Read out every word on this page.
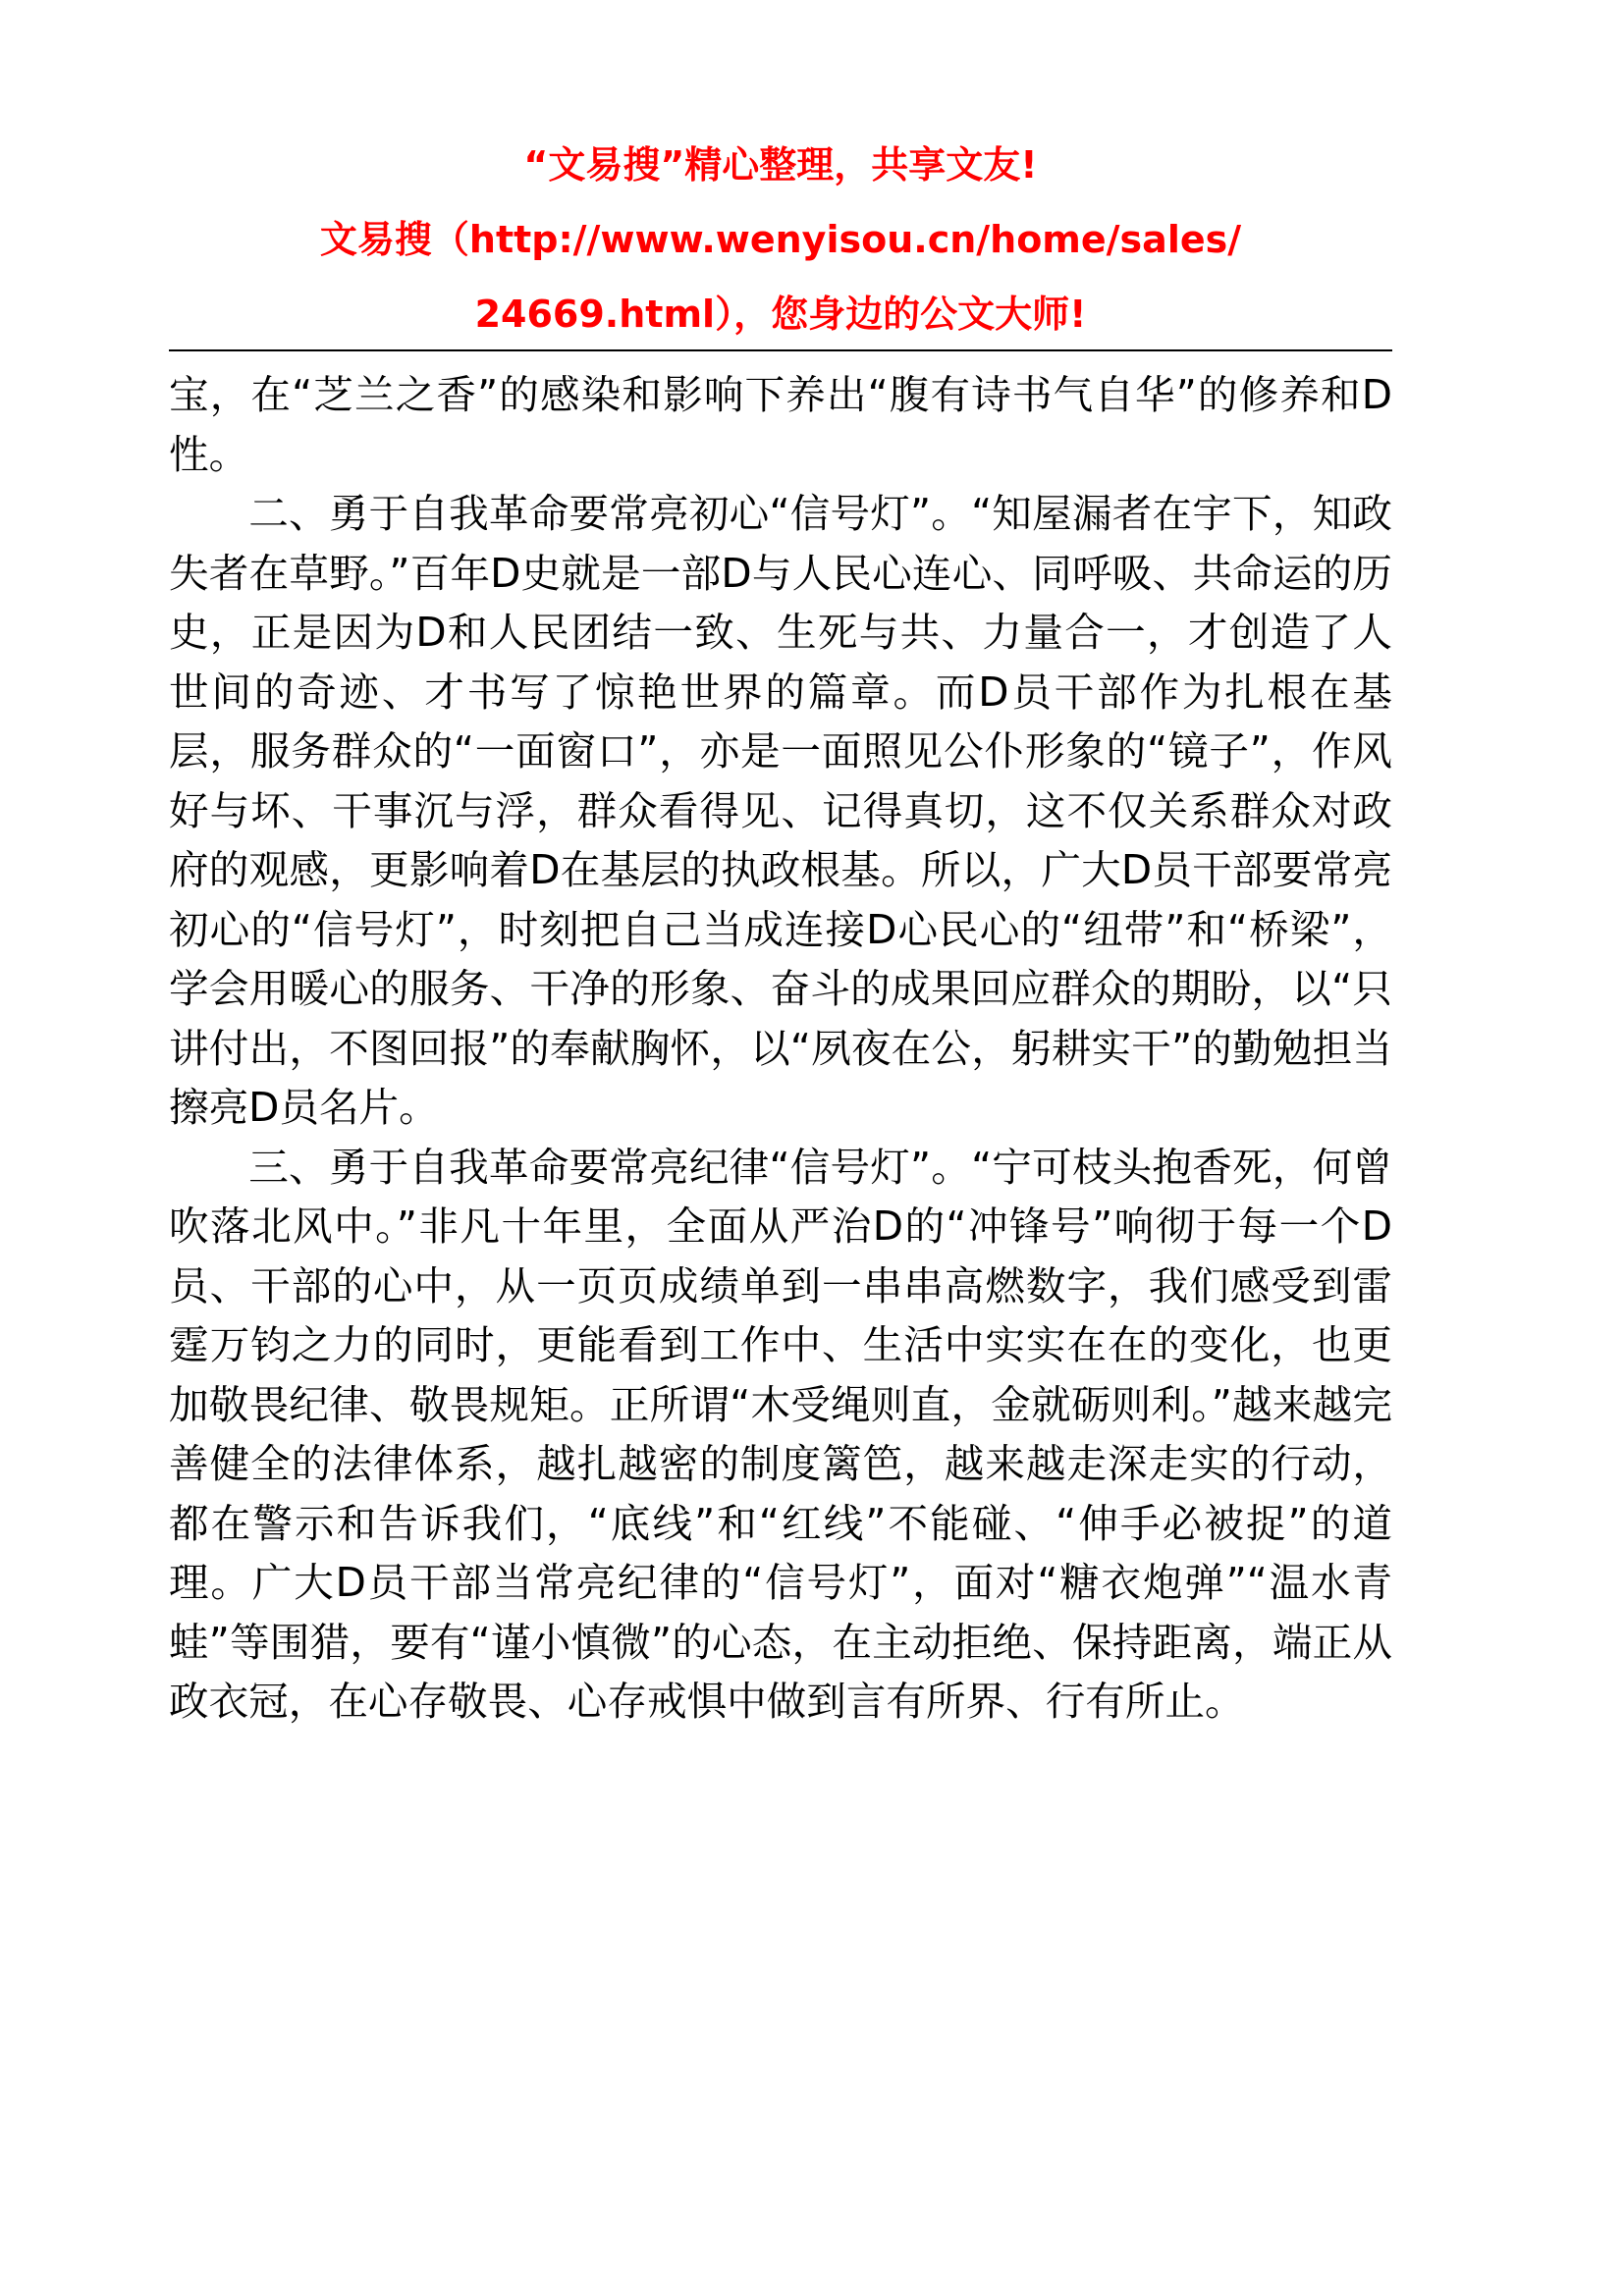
“文易搜”精心整理，共享文友!
文易搜（http://www.wenyisou.cn/home/sales/
24669.html），您身边的公文大师!

宝，在“芝兰之香”的感染和影响下养出“腹有诗书气自华”的修养和D性。

二、勇于自我革命要常亮初心“信号灯”。“知屋漏者在宇下，知政失者在草野。”百年D史就是一部D与人民心连心、同呼吸、共命运的历史，正是因为D和人民团结一致、生死与共、力量合一，才创造了人世间的奇迹、才书写了惊艳世界的篇章。而D员干部作为扎根在基层，服务群众的“一面窗口”，亦是一面照见公仆形象的“镜子”，作风好与坏、干事沉与浮，群众看得见、记得真切，这不仅关系群众对政府的观感，更影响着D在基层的执政根基。所以，广大D员干部要常亮初心的“信号灯”，时刻把自己当成连接D心民心的“纽带”和“桥梁”，学会用暖心的服务、干净的形象、奋斗的成果回应群众的期盼，以“只讲付出，不图回报”的奉献胸怀，以“夙夜在公，躬耕实干”的勤勉担当擦亮D员名片。

三、勇于自我革命要常亮纪律“信号灯”。“宁可枝头抱香死，何曾吹落北风中。”非凡十年里，全面从严治D的“冲锋号”响彻于每一个D员、干部的心中，从一页页成绩单到一串串高燃数字，我们感受到雷霆万钧之力的同时，更能看到工作中、生活中实实在在的变化，也更加敬畏纪律、敬畏规矩。正所谓“木受绳则直，金就砺则利。”越来越完善健全的法律体系，越扎越密的制度篱笆，越来越走深走实的行动，都在警示和告诉我们，“底线”和“红线”不能碰、“伸手必被捉”的道理。广大D员干部当常亮纪律的“信号灯”，面对“糖衣炮弹”“温水青蛙”等围猎，要有“谨小慎微”的心态，在主动拒绝、保持距离，端正从政衣冠，在心存敬畏、心存戒惧中做到言有所界、行有所止。
